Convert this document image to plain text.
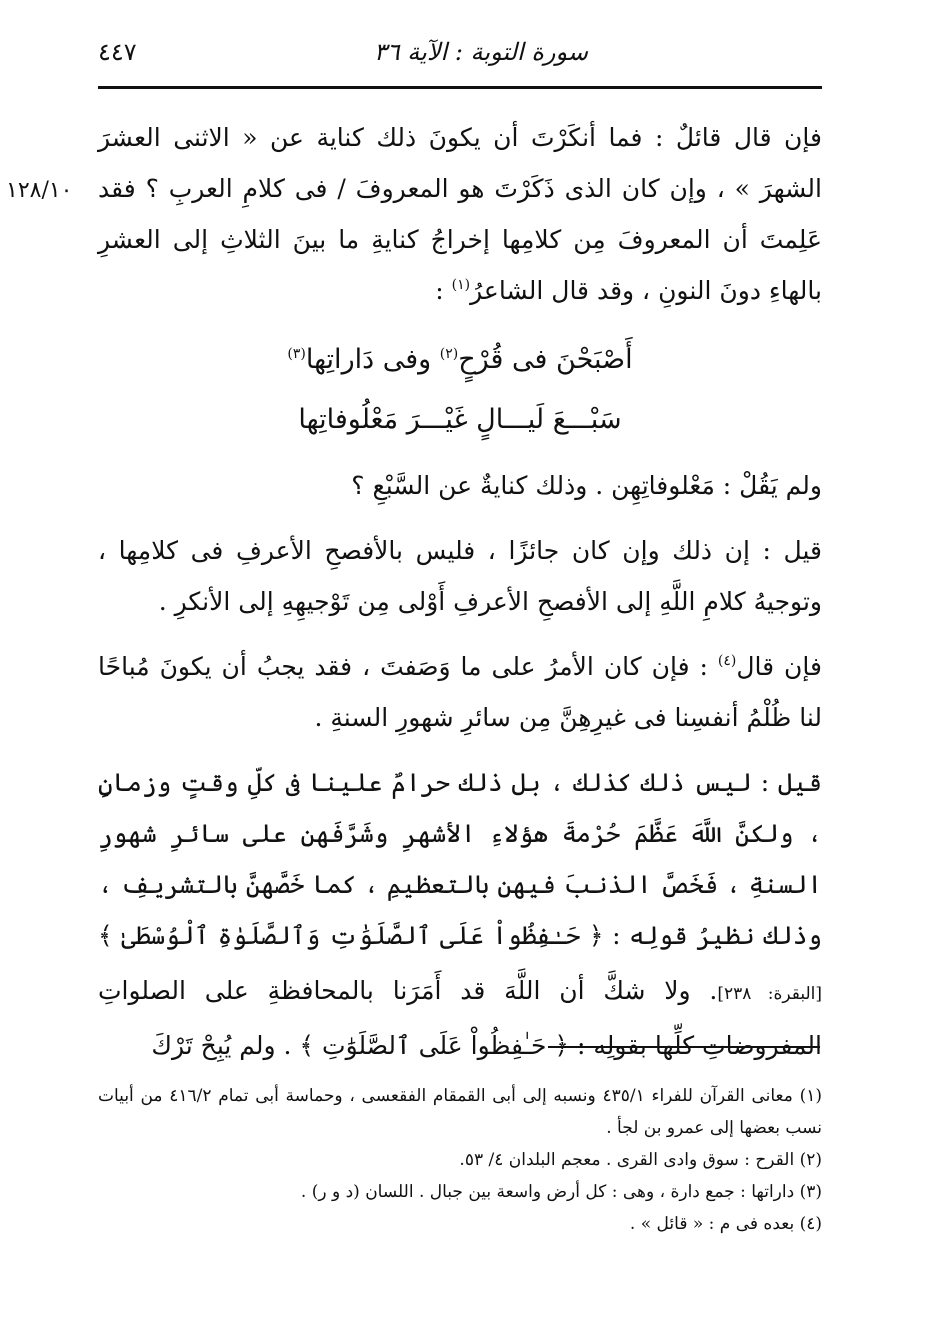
سورة التوبة : الآية ٣٦
٤٤٧
١٢٨/١٠

فإن قال قائلٌ : فما أنكَرْتَ أن يكونَ ذلك كناية عن « الاثنى العشرَ الشهرَ » ، وإن كان الذى ذَكَرْتَ هو المعروفَ / فى كلامِ العربِ ؟ فقد عَلِمتَ أن المعروفَ مِن كلامِها إخراجُ كنايةِ ما بينَ الثلاثِ إلى العشرِ بالهاءِ دونَ النونِ ، وقد قال الشاعرُ$^{(١)}$ :

أَصْبَحْنَ فى قُرْحٍ$^{(٢)}$ وفى دَاراتِها$^{(٣)}$

سَبْـــعَ لَيـــالٍ غَيْـــرَ مَعْلُوفاتِها

ولم يَقُلْ : مَعْلوفاتِهِن . وذلك كنايةٌ عن السَّبْعِ ؟

قيل : إن ذلك وإن كان جائزًا ، فليس بالأفصحِ الأعرفِ فى كلامِها ، وتوجيهُ كلامِ اللَّهِ إلى الأفصحِ الأعرفِ أَوْلى مِن تَوْجيهِهِ إلى الأنكرِ .

فإن قال$^{(٤)}$ : فإن كان الأمرُ على ما وَصَفتَ ، فقد يجبُ أن يكونَ مُباحًا لنا ظُلْمُ أنفسِنا فى غيرِهِنَّ مِن سائرِ شهورِ السنةِ .

قيل : ليس ذلك كذلك ، بل ذلك حرامٌ علينا فى كلِّ وقتٍ وزمانٍ ، ولكنَّ اللَّهَ عَظَّمَ حُرْمةَ هؤلاءِ الأشهرِ وشَرَّفَهن على سائرِ شهورِ السنةِ ، فَخَصَّ الذنبَ فيهن بالتعظيمِ ، كما خَصَّهنَّ بالتشريفِ ، وذلك نظيرُ قولِه : ﴿ حَـٰفِظُواْ عَلَى ٱلصَّلَوَٰتِ وَٱلصَّلَوٰةِ ٱلْوُسْطَىٰ ﴾ [البقرة: ٢٣٨]. ولا شكَّ أن اللَّهَ قد أَمَرَنا بالمحافظةِ على الصلواتِ المفروضاتِ كلِّها بقولِه : ﴿ حَـٰفِظُواْ عَلَى ٱلصَّلَوَٰتِ ﴾ . ولم يُبِحْ تَرْكَ

(١) معانى القرآن للفراء ٤٣٥/١ ونسبه إلى أبى القمقام الفقعسى ، وحماسة أبى تمام ٤١٦/٢ من أبيات نسب بعضها إلى عمرو بن لجأ .

(٢) القرح : سوق وادى القرى . معجم البلدان ٤/ ٥٣.

(٣) داراتها : جمع دارة ، وهى : كل أرض واسعة بين جبال . اللسان (د و ر) .

(٤) بعده فى م : « قائل » .
